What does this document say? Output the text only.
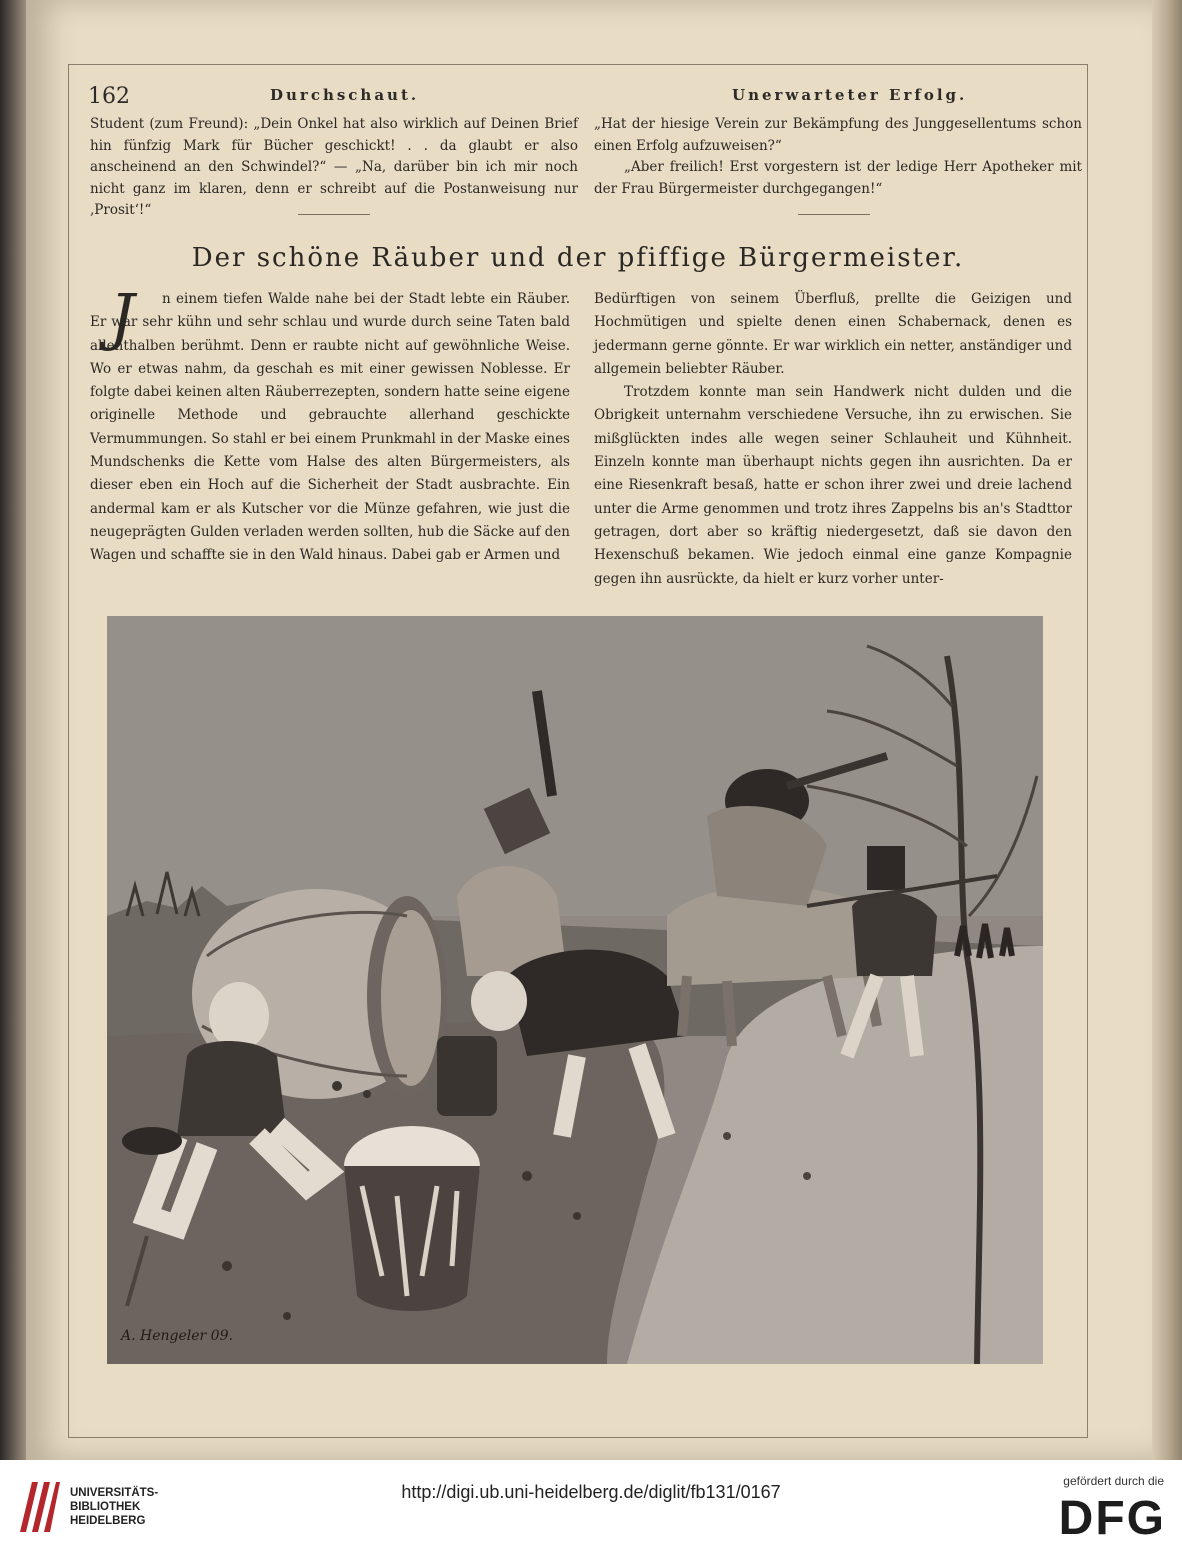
162	Durchschaut.	Unerwarteter Erfolg.

Student (zum Freund): „Dein Onkel hat also wirklich auf Deinen Brief hin fünfzig Mark für Bücher geschickt! . . da glaubt er also anscheinend an den Schwindel?“ — „Na, darüber bin ich mir noch nicht ganz im klaren, denn er schreibt auf die Postanweisung nur ‚Prosit‘!“

„Hat der hiesige Verein zur Bekämpfung des Junggesellentums schon einen Erfolg aufzuweisen?“

„Aber freilich! Erst vorgestern ist der ledige Herr Apotheker mit der Frau Bürgermeister durchgegangen!“

Der schöne Räuber und der pfiffige Bürgermeister.
J	n einem tiefen Walde nahe bei der Stadt lebte ein Räuber. Er war sehr kühn und sehr schlau und wurde durch seine Taten bald allenthalben berühmt. Denn er raubte nicht auf gewöhnliche Weise. Wo er etwas nahm, da geschah es mit einer gewissen Noblesse. Er folgte dabei keinen alten Räuberrezepten, sondern hatte seine eigene originelle Methode und gebrauchte allerhand geschickte Vermummungen. So stahl er bei einem Prunkmahl in der Maske eines Mundschenks die Kette vom Halse des alten Bürgermeisters, als dieser eben ein Hoch auf die Sicherheit der Stadt ausbrachte. Ein andermal kam er als Kutscher vor die Münze gefahren, wie just die neugeprägten Gulden verladen werden sollten, hub die Säcke auf den Wagen und schaffte sie in den Wald hinaus. Dabei gab er Armen und

Bedürftigen von seinem Überfluß, prellte die Geizigen und Hochmütigen und spielte denen einen Schabernack, denen es jedermann gerne gönnte. Er war wirklich ein netter, anständiger und allgemein beliebter Räuber.

Trotzdem konnte man sein Handwerk nicht dulden und die Obrigkeit unternahm verschiedene Versuche, ihn zu erwischen. Sie mißglückten indes alle wegen seiner Schlauheit und Kühnheit. Einzeln konnte man überhaupt nichts gegen ihn ausrichten. Da er eine Riesenkraft besaß, hatte er schon ihrer zwei und dreie lachend unter die Arme genommen und trotz ihres Zappelns bis an's Stadttor getragen, dort aber so kräftig niedergesetzt, daß sie davon den Hexenschuß bekamen. Wie jedoch einmal eine ganze Kompagnie gegen ihn ausrückte, da hielt er kurz vorher unter-

A. Hengeler 09.
UNIVERSITÄTS-
BIBLIOTHEK
HEIDELBERG
http://digi.ub.uni-heidelberg.de/diglit/fb131/0167
gefördert durch die
DFG
